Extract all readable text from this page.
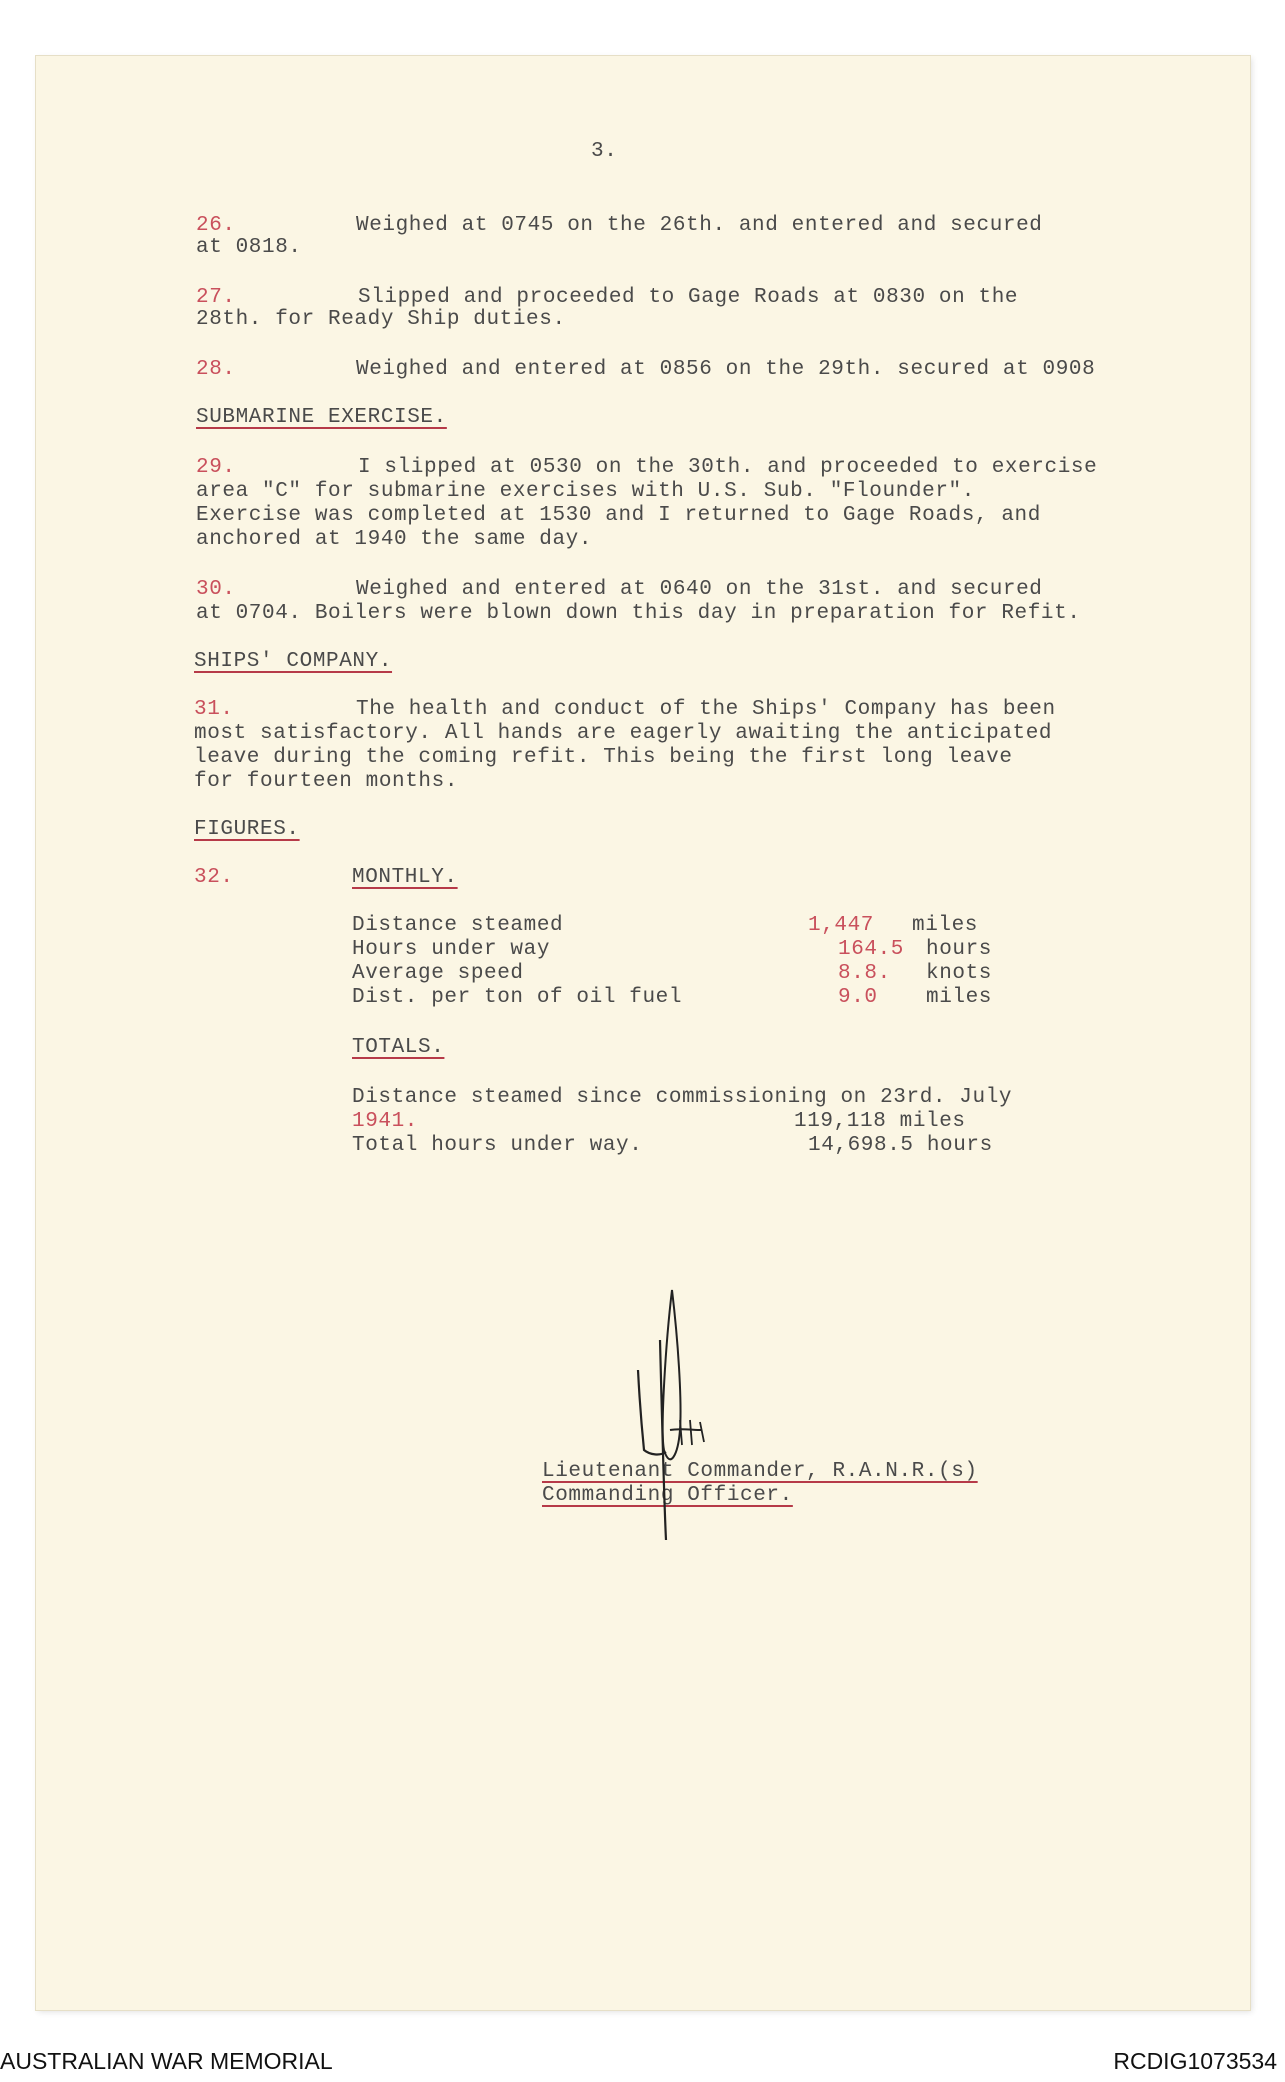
3.
26.	Weighed at 0745 on the 26th. and entered and secured
at 0818.
27.	Slipped and proceeded to Gage Roads at 0830 on the
28th. for Ready Ship duties.
28.	Weighed and entered at 0856 on the 29th. secured at 0908
SUBMARINE EXERCISE.
29.	I slipped at 0530 on the 30th. and proceeded to exercise
area "C" for submarine exercises with U.S. Sub. "Flounder".
Exercise was completed at 1530 and I returned to Gage Roads, and
anchored at 1940 the same day.
30.	Weighed and entered at 0640 on the 31st. and secured
at 0704. Boilers were blown down this day in preparation for Refit.
SHIPS' COMPANY.
31.	The health and conduct of the Ships' Company has been
most satisfactory. All hands are eagerly awaiting the anticipated
leave during the coming refit. This being the first long leave
for fourteen months.
FIGURES.
32.	MONTHLY.
Distance steamed	1,447 miles
Hours under way	164.5 hours
Average speed	8.8. knots
Dist. per ton of oil fuel	9.0 miles
TOTALS.
Distance steamed since commissioning on 23rd. July
1941.	119,118 miles
Total hours under way.	14,698.5 hours
Lieutenant Commander, R.A.N.R.(s)
Commanding Officer.
AUSTRALIAN WAR MEMORIAL	RCDIG1073534
